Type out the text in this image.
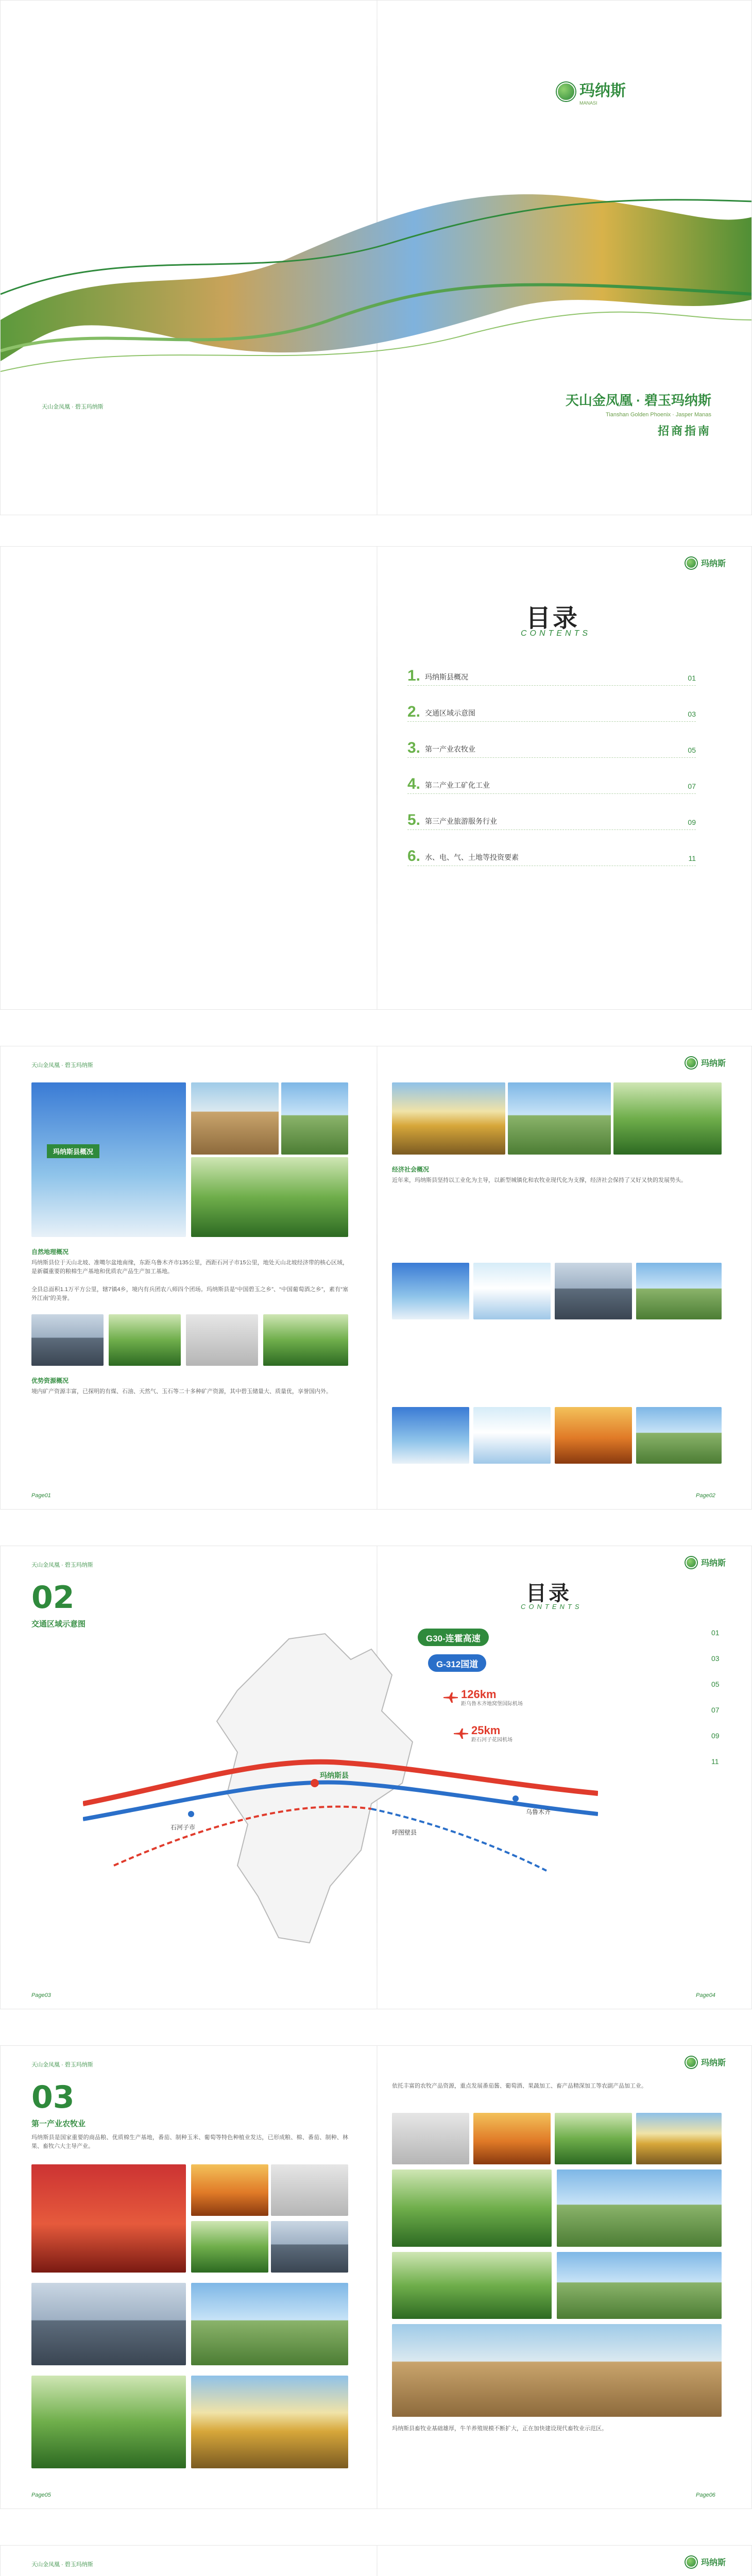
玛纳斯
MANASI
天山金凤凰 · 碧玉玛纳斯
Tianshan Golden Phoenix · Jasper Manas
招商指南
天山金凤凰 · 碧玉玛纳斯
玛纳斯
目录
CONTENTS
1. 玛纳斯县概况	01
2. 交通区域示意图	03
3. 第一产业农牧业	05
4. 第二产业工矿化工业	07
5. 第三产业旅游服务行业	09
6. 水、电、气、土地等投资要素	11
天山金凤凰 · 碧玉玛纳斯	玛纳斯
玛纳斯县概况
自然地理概况
玛纳斯县位于天山北坡、准噶尔盆地南缘，东距乌鲁木齐市135公里，西距石河子市15公里，地处天山北坡经济带的核心区域，是新疆重要的粮棉生产基地和优质农产品生产加工基地。
全县总面积1.1万平方公里，辖7镇4乡，境内有兵团农八师四个团场。玛纳斯县是“中国碧玉之乡”、“中国葡萄酒之乡”，素有“塞外江南”的美誉。
优势资源概况
境内矿产资源丰富，已探明的有煤、石油、天然气、玉石等二十多种矿产资源，其中碧玉储量大、质量优，享誉国内外。
Page01
经济社会概况
近年来，玛纳斯县坚持以工业化为主导，以新型城镇化和农牧业现代化为支撑，经济社会保持了又好又快的发展势头。
Page02
天山金凤凰 · 碧玉玛纳斯	玛纳斯
02
交通区域示意图
玛纳斯县
石河子市
呼图壁县
乌鲁木齐
目录
CONTENTS
G30-连霍高速
G-312国道
126km
距乌鲁木齐地窝堡国际机场
25km
距石河子花园机场
01
03
05
07
09
11
Page03	Page04
天山金凤凰 · 碧玉玛纳斯	玛纳斯
03
第一产业农牧业
玛纳斯县是国家重要的商品粮、优质棉生产基地，番茄、制种玉米、葡萄等特色种植业发达，已形成粮、棉、番茄、制种、林果、畜牧六大主导产业。
Page05
依托丰富的农牧产品资源，重点发展番茄酱、葡萄酒、果蔬加工、畜产品精深加工等农副产品加工业。
玛纳斯县畜牧业基础雄厚，牛羊养殖规模不断扩大，正在加快建设现代畜牧业示范区。
Page06
天山金凤凰 · 碧玉玛纳斯	玛纳斯
